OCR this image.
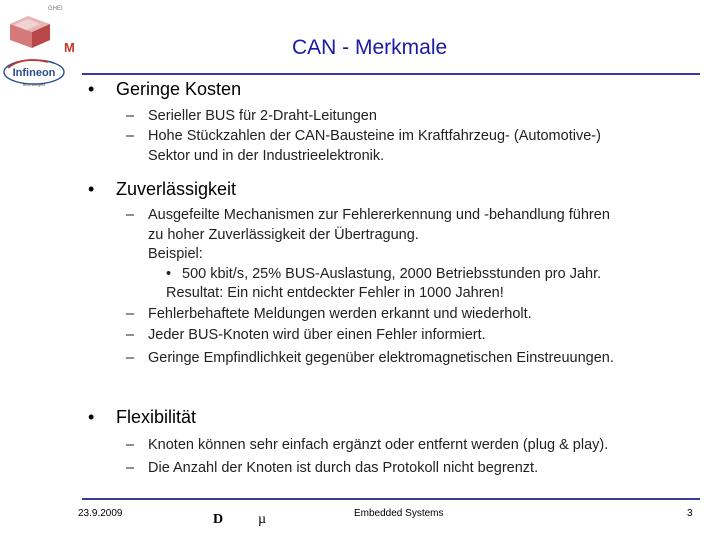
GHEI
M
Infineon
technologies
CAN - Merkmale
• Geringe Kosten
– Serieller BUS für 2-Draht-Leitungen
– Hohe Stückzahlen der CAN-Bausteine im Kraftfahrzeug- (Automotive-)
Sektor und in der Industrieelektronik.
• Zuverlässigkeit
– Ausgefeilte Mechanismen zur Fehlererkennung und -behandlung führen
zu hoher Zuverlässigkeit der Übertragung.
Beispiel:
• 500 kbit/s, 25% BUS-Auslastung, 2000 Betriebsstunden pro Jahr.
Resultat: Ein nicht entdeckter Fehler in 1000 Jahren!
– Fehlerbehaftete Meldungen werden erkannt und wiederholt.
– Jeder BUS-Knoten wird über einen Fehler informiert.
– Geringe Empfindlichkeit gegenüber elektromagnetischen Einstreuungen.
• Flexibilität
– Knoten können sehr einfach ergänzt oder entfernt werden (plug & play).
– Die Anzahl der Knoten ist durch das Protokoll nicht begrenzt.
23.9.2009	D µ	Embedded Systems	3
